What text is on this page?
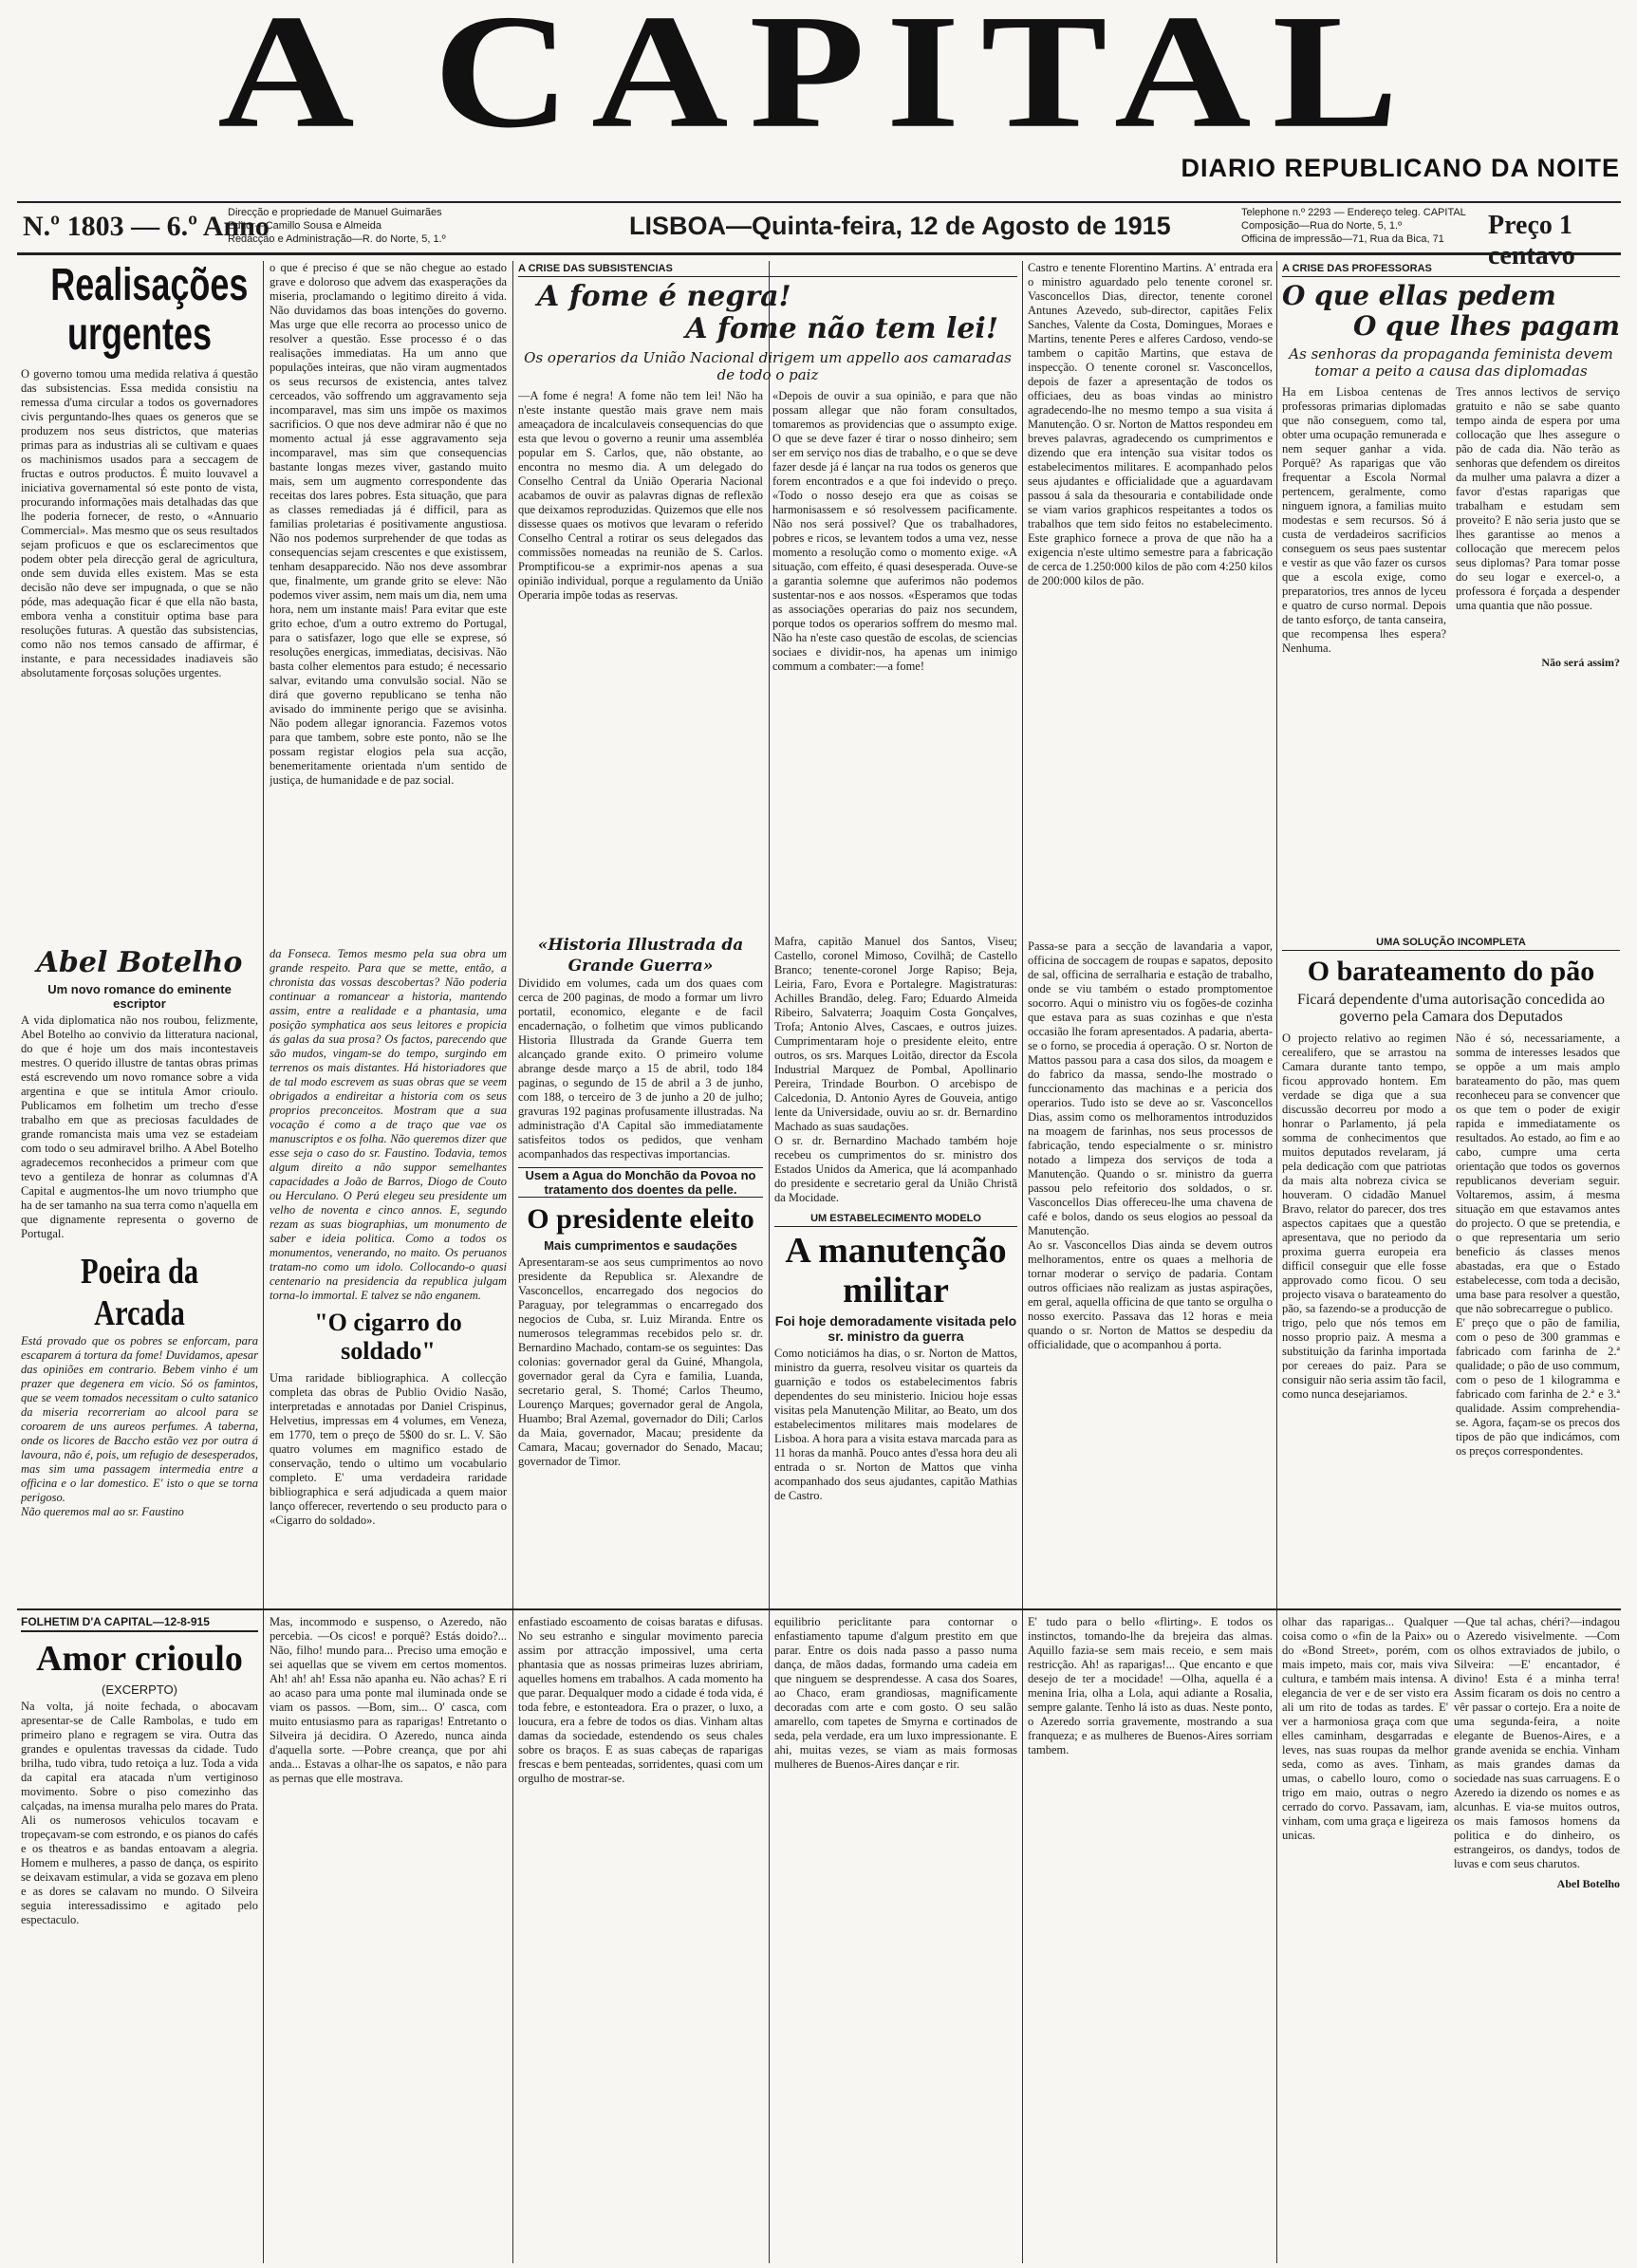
A CAPITAL
DIARIO REPUBLICANO DA NOITE
N.º 1803 — 6.º Anno
Direcção e propriedade de Manuel Guimarães
Editor—Camillo Sousa e Almeida
Redacção e Administração—R. do Norte, 5, 1.º	LISBOA—Quinta-feira, 12 de Agosto de 1915	Telephone n.º 2293 — Endereço teleg. CAPITAL
Composição—Rua do Norte, 5, 1.º
Officina de impressão—71, Rua da Bica, 71	Preço 1 centavo
Realisações urgentes
O governo tomou uma medida relativa á questão das subsistencias. Essa medida consistiu na remessa d'uma circular a todos os governadores civis perguntando-lhes quaes os generos que se produzem nos seus districtos, que materias primas para as industrias ali se cultivam e quaes os machinismos usados para a seccagem de fructas e outros productos. É muito louvavel a iniciativa governamental só este ponto de vista, procurando informações mais detalhadas das que lhe poderia fornecer, de resto, o «Annuario Commercial». Mas mesmo que os seus resultados sejam proficuos e que os esclarecimentos que podem obter pela direcção geral de agricultura, onde sem duvida elles existem. Mas se esta decisão não deve ser impugnada, o que se não póde, mas adequação ficar é que ella não basta, embora venha a constituir optima base para resoluções futuras. A questão das subsistencias, como não nos temos cansado de affirmar, é instante, e para necessidades inadiaveis são absolutamente forçosas soluções urgentes.
o que é preciso é que se não chegue ao estado grave e doloroso que advem das exasperações da miseria, proclamando o legitimo direito á vida. Não duvidamos das boas intenções do governo. Mas urge que elle recorra ao processo unico de resolver a questão. Esse processo é o das realisações immediatas. Ha um anno que populações inteiras, que não viram augmentados os seus recursos de existencia, antes talvez cerceados, vão soffrendo um aggravamento seja incomparavel, mas sim uns impõe os maximos sacrificios. O que nos deve admirar não é que no momento actual já esse aggravamento seja incomparavel, mas sim que consequencias bastante longas mezes viver, gastando muito mais, sem um augmento correspondente das receitas dos lares pobres. Esta situação, que para as classes remediadas já é difficil, para as familias proletarias é positivamente angustiosa. Não nos podemos surprehender de que todas as consequencias sejam crescentes e que existissem, tenham desapparecido. Não nos deve assombrar que, finalmente, um grande grito se eleve: Não podemos viver assim, nem mais um dia, nem uma hora, nem um instante mais! Para evitar que este grito echoe, d'um a outro extremo do Portugal, para o satisfazer, logo que elle se exprese, só resoluções energicas, immediatas, decisivas. Não basta colher elementos para estudo; é necessario salvar, evitando uma convulsão social. Não se dirá que governo republicano se tenha não avisado do imminente perigo que se avisinha. Não podem allegar ignorancia. Fazemos votos para que tambem, sobre este ponto, não se lhe possam registar elogios pela sua acção, benemeritamente orientada n'um sentido de justiça, de humanidade e de paz social.
A CRISE DAS SUBSISTENCIAS
A fome é negra!
A fome não tem lei!
Os operarios da União Nacional dirigem um appello aos camaradas de todo o paiz
—A fome é negra! A fome não tem lei! Não ha n'este instante questão mais grave nem mais ameaçadora de incalculaveis consequencias do que esta que levou o governo a reunir uma assembléa popular em S. Carlos, que, não obstante, ao encontra no mesmo dia. A um delegado do Conselho Central da União Operaria Nacional acabamos de ouvir as palavras dignas de reflexão que deixamos reproduzidas. Quizemos que elle nos dissesse quaes os motivos que levaram o referido Conselho Central a rotirar os seus delegados das commissões nomeadas na reunião de S. Carlos. Promptificou-se a exprimir-nos apenas a sua opinião individual, porque a regulamento da União Operaria impõe todas as reservas.
«Depois de ouvir a sua opinião, e para que não possam allegar que não foram consultados, tomaremos as providencias que o assumpto exige. O que se deve fazer é tirar o nosso dinheiro; sem ser em serviço nos dias de trabalho, e o que se deve fazer desde já é lançar na rua todos os generos que forem encontrados e a que foi indevido o preço. «Todo o nosso desejo era que as coisas se harmonisassem e só resolvessem pacificamente. Não nos será possivel? Que os trabalhadores, pobres e ricos, se levantem todos a uma vez, nesse momento a resolução como o momento exige. «A situação, com effeito, é quasi desesperada. Ouve-se a garantia solemne que auferimos não podemos sustentar-nos e aos nossos. «Esperamos que todas as associações operarias do paiz nos secundem, porque todos os operarios soffrem do mesmo mal. Não ha n'este caso questão de escolas, de sciencias sociaes e dividir-nos, ha apenas um inimigo commum a combater:—a fome!
Castro e tenente Florentino Martins. A' entrada era o ministro aguardado pelo tenente coronel sr. Vasconcellos Dias, director, tenente coronel Antunes Azevedo, sub-director, capitães Felix Sanches, Valente da Costa, Domingues, Moraes e Martins, tenente Peres e alferes Cardoso, vendo-se tambem o capitão Martins, que estava de inspecção. O tenente coronel sr. Vasconcellos, depois de fazer a apresentação de todos os officiaes, deu as boas vindas ao ministro agradecendo-lhe no mesmo tempo a sua visita á Manutenção. O sr. Norton de Mattos respondeu em breves palavras, agradecendo os cumprimentos e dizendo que era intenção sua visitar todos os estabelecimentos militares. E acompanhado pelos seus ajudantes e officialidade que a aguardavam passou á sala da thesouraria e contabilidade onde se viam varios graphicos respeitantes a todos os trabalhos que tem sido feitos no estabelecimento. Este graphico fornece a prova de que não ha a exigencia n'este ultimo semestre para a fabricação de cerca de 1.250:000 kilos de pão com 4:250 kilos de 200:000 kilos de pão.
A CRISE DAS PROFESSORAS
O que ellas pedem
O que lhes pagam
As senhoras da propaganda feminista devem tomar a peito a causa das diplomadas
Ha em Lisboa centenas de professoras primarias diplomadas que não conseguem, como tal, obter uma ocupação remunerada e nem sequer ganhar a vida. Porquê? As raparigas que vão frequentar a Escola Normal pertencem, geralmente, como ninguem ignora, a familias muito modestas e sem recursos. Só á custa de verdadeiros sacrificios conseguem os seus paes sustentar e vestir as que vão fazer os cursos que a escola exige, como preparatorios, tres annos de lyceu e quatro de curso normal. Depois de tanto esforço, de tanta canseira, que recompensa lhes espera? Nenhuma.
Tres annos lectivos de serviço gratuito e não se sabe quanto tempo ainda de espera por uma collocação que lhes assegure o pão de cada dia. Não terão as senhoras que defendem os direitos da mulher uma palavra a dizer a favor d'estas raparigas que trabalham e estudam sem proveito? E não seria justo que se lhes garantisse ao menos a collocação que merecem pelos seus diplomas? Para tomar posse do seu logar e exercel-o, a professora é forçada a despender uma quantia que não possue.
Não será assim?
Abel Botelho
Um novo romance do eminente escriptor
A vida diplomatica não nos roubou, felizmente, Abel Botelho ao convivio da litteratura nacional, do que é hoje um dos mais incontestaveis mestres. O querido illustre de tantas obras primas está escrevendo um novo romance sobre a vida argentina e que se intitula Amor crioulo. Publicamos em folhetim um trecho d'esse trabalho em que as preciosas faculdades de grande romancista mais uma vez se estadeiam com todo o seu admiravel brilho. A Abel Botelho agradecemos reconhecidos a primeur com que tevo a gentileza de honrar as columnas d'A Capital e augmentos-lhe um novo triumpho que ha de ser tamanho na sua terra como n'aquella em que dignamente representa o governo de Portugal.
Poeira da Arcada
Está provado que os pobres se enforcam, para escaparem á tortura da fome! Duvidamos, apesar das opiniões em contrario. Bebem vinho é um prazer que degenera em vicio. Só os famintos, que se veem tomados necessitam o culto satanico da miseria recorreriam ao alcool para se coroarem de uns aureos perfumes. A taberna, onde os licores de Baccho estão vez por outra á lavoura, não é, pois, um refugio de desesperados, mas sim uma passagem intermedia entre a officina e o lar domestico. E' isto o que se torna perigoso.
Não queremos mal ao sr. Faustino
da Fonseca. Temos mesmo pela sua obra um grande respeito. Para que se mette, então, a chronista das vossas descobertas? Não poderia continuar a romancear a historia, mantendo assim, entre a realidade e a phantasia, uma posição symphatica aos seus leitores e propicia ás galas da sua prosa? Os factos, parecendo que são mudos, vingam-se do tempo, surgindo em terrenos os mais distantes. Há historiadores que de tal modo escrevem as suas obras que se veem obrigados a endireitar a historia com os seus proprios preconceitos. Mostram que a sua vocação é como a de traço que vae os manuscriptos e os folha. Não queremos dizer que esse seja o caso do sr. Faustino. Todavia, temos algum direito a não suppor semelhantes capacidades a João de Barros, Diogo de Couto ou Herculano. O Perú elegeu seu presidente um velho de noventa e cinco annos. E, segundo rezam as suas biographias, um monumento de saber e ideia politica. Como a todos os monumentos, venerando, no maito. Os peruanos tratam-no como um idolo. Collocando-o quasi centenario na presidencia da republica julgam torna-lo immortal. E talvez se não enganem.
"O cigarro do soldado"
Uma raridade bibliographica. A collecção completa das obras de Publio Ovidio Nasão, interpretadas e annotadas por Daniel Crispinus, Helvetius, impressas em 4 volumes, em Veneza, em 1770, tem o preço de 5$00 do sr. L. V. São quatro volumes em magnifico estado de conservação, tendo o ultimo um vocabulario completo. E' uma verdadeira raridade bibliographica e será adjudicada a quem maior lanço offerecer, revertendo o seu producto para o «Cigarro do soldado».
«Historia Illustrada da Grande Guerra»
Dividido em volumes, cada um dos quaes com cerca de 200 paginas, de modo a formar um livro portatil, economico, elegante e de facil encadernação, o folhetim que vimos publicando Historia Illustrada da Grande Guerra tem alcançado grande exito. O primeiro volume abrange desde março a 15 de abril, todo 184 paginas, o segundo de 15 de abril a 3 de junho, com 188, o terceiro de 3 de junho a 20 de julho; gravuras 192 paginas profusamente illustradas. Na administração d'A Capital são immediatamente satisfeitos todos os pedidos, que venham acompanhados das respectivas importancias.
Usem a Agua do Monchão da Povoa no tratamento dos doentes da pelle.
O presidente eleito
Mais cumprimentos e saudações
Apresentaram-se aos seus cumprimentos ao novo presidente da Republica sr. Alexandre de Vasconcellos, encarregado dos negocios do Paraguay, por telegrammas o encarregado dos negocios de Cuba, sr. Luiz Miranda. Entre os numerosos telegrammas recebidos pelo sr. dr. Bernardino Machado, contam-se os seguintes: Das colonias: governador geral da Guiné, Mhangola, governador geral da Cyra e familia, Luanda, secretario geral, S. Thomé; Carlos Theumo, Lourenço Marques; governador geral de Angola, Huambo; Bral Azemal, governador do Dili; Carlos da Maia, governador, Macau; presidente da Camara, Macau; governador do Senado, Macau; governador de Timor.
Mafra, capitão Manuel dos Santos, Viseu; Castello, coronel Mimoso, Covilhã; de Castello Branco; tenente-coronel Jorge Rapiso; Beja, Leiria, Faro, Evora e Portalegre. Magistraturas: Achilles Brandão, deleg. Faro; Eduardo Almeida Ribeiro, Salvaterra; Joaquim Costa Gonçalves, Trofa; Antonio Alves, Cascaes, e outros juizes. Cumprimentaram hoje o presidente eleito, entre outros, os srs. Marques Loitão, director da Escola Industrial Marquez de Pombal, Apollinario Pereira, Trindade Bourbon. O arcebispo de Calcedonia, D. Antonio Ayres de Gouveia, antigo lente da Universidade, ouviu ao sr. dr. Bernardino Machado as suas saudações.
O sr. dr. Bernardino Machado também hoje recebeu os cumprimentos do sr. ministro dos Estados Unidos da America, que lá acompanhado do presidente e secretario geral da União Christã da Mocidade.
UM ESTABELECIMENTO MODELO
A manutenção militar
Foi hoje demoradamente visitada pelo sr. ministro da guerra
Como noticiámos ha dias, o sr. Norton de Mattos, ministro da guerra, resolveu visitar os quarteis da guarnição e todos os estabelecimentos fabris dependentes do seu ministerio. Iniciou hoje essas visitas pela Manutenção Militar, ao Beato, um dos estabelecimentos militares mais modelares de Lisboa. A hora para a visita estava marcada para as 11 horas da manhã. Pouco antes d'essa hora deu ali entrada o sr. Norton de Mattos que vinha acompanhado dos seus ajudantes, capitão Mathias de Castro.
Passa-se para a secção de lavandaria a vapor, officina de soccagem de roupas e sapatos, deposito de sal, officina de serralharia e estação de trabalho, onde se viu também o estado promptomentoe socorro. Aqui o ministro viu os fogões-de cozinha que estava para as suas cozinhas e que n'esta occasião lhe foram apresentados. A padaria, aberta-se o forno, se procedia á operação. O sr. Norton de Mattos passou para a casa dos silos, da moagem e do fabrico da massa, sendo-lhe mostrado o funccionamento das machinas e a pericia dos operarios. Tudo isto se deve ao sr. Vasconcellos Dias, assim como os melhoramentos introduzidos na moagem de farinhas, nos seus processos de fabricação, tendo especialmente o sr. ministro notado a limpeza dos serviços de toda a Manutenção. Quando o sr. ministro da guerra passou pelo refeitorio dos soldados, o sr. Vasconcellos Dias offereceu-lhe uma chavena de café e bolos, dando os seus elogios ao pessoal da Manutenção.
Ao sr. Vasconcellos Dias ainda se devem outros melhoramentos, entre os quaes a melhoria de tornar moderar o serviço de padaria. Contam outros officiaes não realizam as justas aspirações, em geral, aquella officina de que tanto se orgulha o nosso exercito. Passava das 12 horas e meia quando o sr. Norton de Mattos se despediu da officialidade, que o acompanhou á porta.
UMA SOLUÇÃO INCOMPLETA
O barateamento do pão
Ficará dependente d'uma autorisação concedida ao governo pela Camara dos Deputados
O projecto relativo ao regimen cerealifero, que se arrastou na Camara durante tanto tempo, ficou approvado hontem. Em verdade se diga que a sua discussão decorreu por modo a honrar o Parlamento, já pela somma de conhecimentos que muitos deputados revelaram, já pela dedicação com que patriotas da mais alta nobreza civica se houveram. O cidadão Manuel Bravo, relator do parecer, dos tres aspectos capitaes que a questão apresentava, que no periodo da proxima guerra europeia era difficil conseguir que elle fosse approvado como ficou. O seu projecto visava o barateamento do pão, sa fazendo-se a producção de trigo, pelo que nós temos em nosso proprio paiz. A mesma a substituição da farinha importada por cereaes do paiz. Para se consiguir não seria assim tão facil, como nunca desejariamos.
Não é só, necessariamente, a somma de interesses lesados que se oppõe a um mais amplo barateamento do pão, mas quem reconheceu para se convencer que os que tem o poder de exigir rapida e immediatamente os resultados. Ao estado, ao fim e ao cabo, cumpre uma certa orientação que todos os governos republicanos deveriam seguir. Voltaremos, assim, á mesma situação em que estavamos antes do projecto. O que se pretendia, e o que representaria um serio beneficio ás classes menos abastadas, era que o Estado estabelecesse, com toda a decisão, uma base para resolver a questão, que não sobrecarregue o publico.
E' preço que o pão de familia, com o peso de 300 grammas e fabricado com farinha de 2.ª qualidade; o pão de uso commum, com o peso de 1 kilogramma e fabricado com farinha de 2.ª e 3.ª qualidade. Assim comprehendia-se. Agora, façam-se os precos dos tipos de pão que indicámos, com os preços correspondentes.
FOLHETIM D'A CAPITAL—12-8-915
Amor crioulo
(EXCERPTO)
Na volta, já noite fechada, o abocavam apresentar-se de Calle Rambolas, e tudo em primeiro plano e regragem se vira. Outra das grandes e opulentas travessas da cidade. Tudo brilha, tudo vibra, tudo retoiça a luz. Toda a vida da capital era atacada n'um vertiginoso movimento. Sobre o piso comezinho das calçadas, na imensa muralha pelo mares do Prata. Ali os numerosos vehiculos tocavam e tropeçavam-se com estrondo, e os pianos do cafés e os theatros e as bandas entoavam a alegria. Homem e mulheres, a passo de dança, os espirito se deixavam estimular, a vida se gozava em pleno e as dores se calavam no mundo. O Silveira seguia interessadissimo e agitado pelo espectaculo.
Mas, incommodo e suspenso, o Azeredo, não percebia. —Os cicos! e porquê? Estás doido?... Não, filho! mundo para... Preciso uma emoção e sei aquellas que se vivem em certos momentos. Ah! ah! ah! Essa não apanha eu. Não achas? E ri ao acaso para uma ponte mal iluminada onde se viam os passos. —Bom, sim... O' casca, com muito entusiasmo para as raparigas! Entretanto o Silveira já decidira. O Azeredo, nunca ainda d'aquella sorte. —Pobre creança, que por ahi anda... Estavas a olhar-lhe os sapatos, e não para as pernas que elle mostrava.
enfastiado escoamento de coisas baratas e difusas. No seu estranho e singular movimento parecia assim por attracção impossivel, uma certa phantasia que as nossas primeiras luzes abririam, aquelles homens em trabalhos. A cada momento ha que parar. Dequalquer modo a cidade é toda vida, é toda febre, e estonteadora. Era o prazer, o luxo, a loucura, era a febre de todos os dias. Vinham altas damas da sociedade, estendendo os seus chales sobre os braços. E as suas cabeças de raparigas frescas e bem penteadas, sorridentes, quasi com um orgulho de mostrar-se.
equilibrio periclitante para contornar o enfastiamento tapume d'algum prestito em que parar. Entre os dois nada passo a passo numa dança, de mãos dadas, formando uma cadeia em que ninguem se desprendesse. A casa dos Soares, ao Chaco, eram grandiosas, magnificamente decoradas com arte e com gosto. O seu salão amarello, com tapetes de Smyrna e cortinados de seda, pela verdade, era um luxo impressionante. E ahi, muitas vezes, se viam as mais formosas mulheres de Buenos-Aires dançar e rir.
E' tudo para o bello «flirting». E todos os instinctos, tomando-lhe da brejeira das almas. Aquillo fazia-se sem mais receio, e sem mais restricção. Ah! as raparigas!... Que encanto e que desejo de ter a mocidade! —Olha, aquella é a menina Iria, olha a Lola, aqui adiante a Rosalia, sempre galante. Tenho lá isto as duas. Neste ponto, o Azeredo sorria gravemente, mostrando a sua franqueza; e as mulheres de Buenos-Aires sorriam tambem.
olhar das raparigas... Qualquer coisa como o «fin de la Paix» ou do «Bond Street», porém, com mais impeto, mais cor, mais viva cultura, e também mais intensa. A elegancia de ver e de ser visto era ali um rito de todas as tardes. E' ver a harmoniosa graça com que elles caminham, desgarradas e leves, nas suas roupas da melhor seda, como as aves. Tinham, umas, o cabello louro, como o trigo em maio, outras o negro cerrado do corvo. Passavam, iam, vinham, com uma graça e ligeireza unicas.
—Que tal achas, chéri?—indagou o Azeredo visivelmente. —Com os olhos extraviados de jubilo, o Silveira: —E' encantador, é divino! Esta é a minha terra! Assim ficaram os dois no centro a vêr passar o cortejo. Era a noite de uma segunda-feira, a noite elegante de Buenos-Aires, e a grande avenida se enchia. Vinham as mais grandes damas da sociedade nas suas carruagens. E o Azeredo ia dizendo os nomes e as alcunhas. E via-se muitos outros, os mais famosos homens da politica e do dinheiro, os estrangeiros, os dandys, todos de luvas e com seus charutos.
Abel Botelho
